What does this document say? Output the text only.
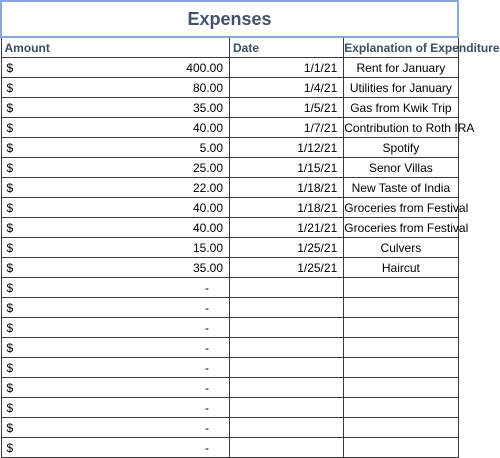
Expenses			
Amount		Date	Explanation of Expenditure
$	400.00	1/1/21	Rent for January
$	80.00	1/4/21	Utilities for January
$	35.00	1/5/21	Gas from Kwik Trip
$	40.00	1/7/21	Contribution to Roth IRA
$	5.00	1/12/21	Spotify
$	25.00	1/15/21	Senor Villas
$	22.00	1/18/21	New Taste of India
$	40.00	1/18/21	Groceries from Festival
$	40.00	1/21/21	Groceries from Festival
$	15.00	1/25/21	Culvers
$	35.00	1/25/21	Haircut
$	-		
$	-		
$	-		
$	-		
$	-		
$	-		
$	-		
$	-		
$	-		
